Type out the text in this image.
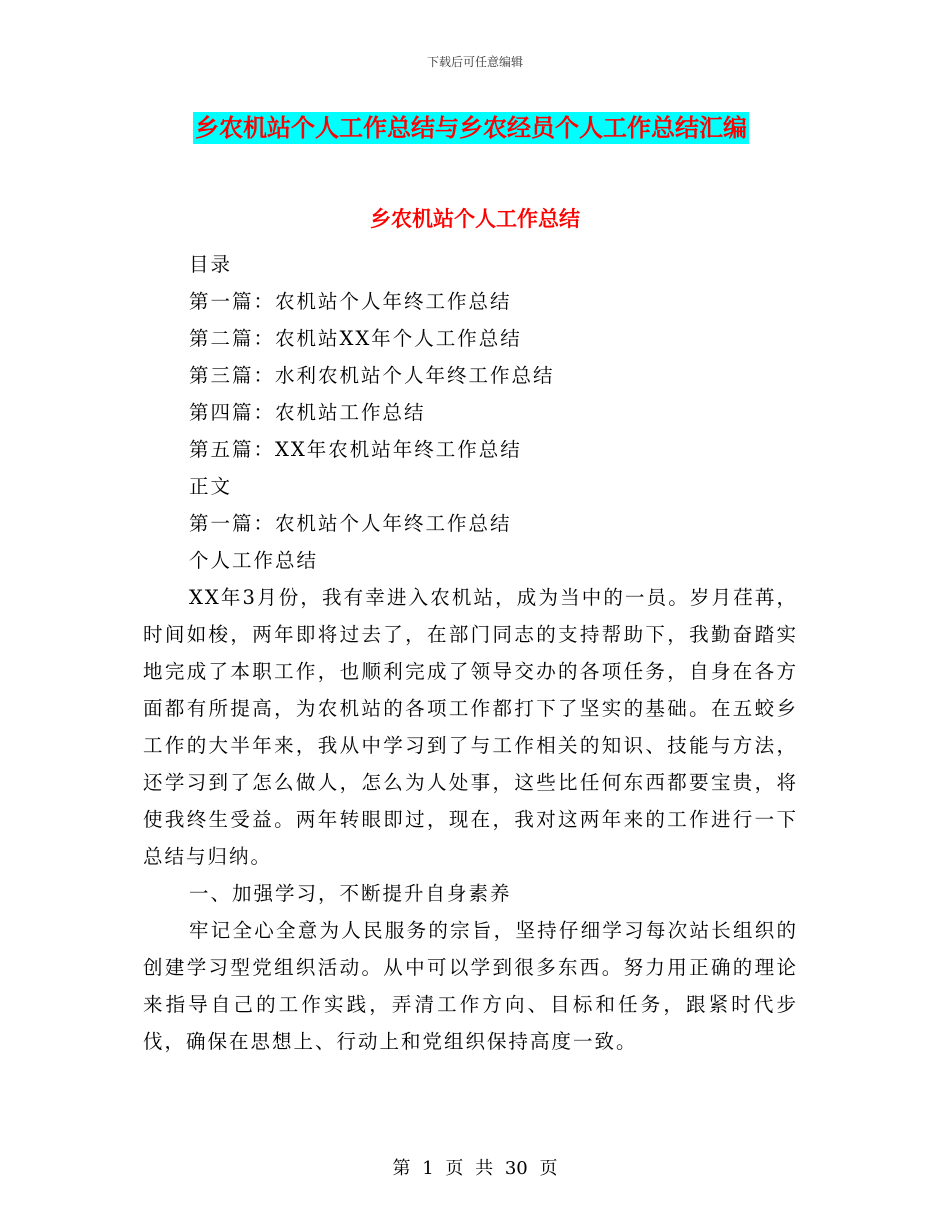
下载后可任意编辑
乡农机站个人工作总结与乡农经员个人工作总结汇编
乡农机站个人工作总结

目录

第一篇：农机站个人年终工作总结

第二篇：农机站XX年个人工作总结

第三篇：水利农机站个人年终工作总结

第四篇：农机站工作总结

第五篇：XX年农机站年终工作总结

正文

第一篇：农机站个人年终工作总结

个人工作总结

XX年3月份，我有幸进入农机站，成为当中的一员。岁月荏苒，时间如梭，两年即将过去了，在部门同志的支持帮助下，我勤奋踏实地完成了本职工作，也顺利完成了领导交办的各项任务，自身在各方面都有所提高，为农机站的各项工作都打下了坚实的基础。在五蛟乡工作的大半年来，我从中学习到了与工作相关的知识、技能与方法，还学习到了怎么做人，怎么为人处事，这些比任何东西都要宝贵，将使我终生受益。两年转眼即过，现在，我对这两年来的工作进行一下总结与归纳。

一、加强学习，不断提升自身素养

牢记全心全意为人民服务的宗旨，坚持仔细学习每次站长组织的创建学习型党组织活动。从中可以学到很多东西。努力用正确的理论来指导自己的工作实践，弄清工作方向、目标和任务，跟紧时代步伐，确保在思想上、行动上和党组织保持高度一致。

第 1 页 共 30 页
